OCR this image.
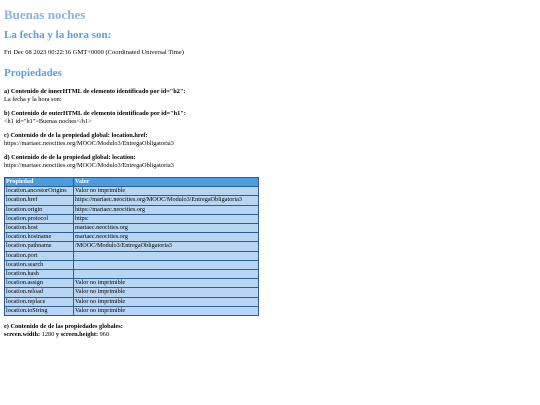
Buenas noches
La fecha y la hora son:
Fri Dec 08 2023 00:22:16 GMT+0000 (Coordinated Universal Time)
Propiedades
a) Contenido de innerHTML de elemento identificado por id="h2":
La fecha y la hora son:
b) Contenido de outerHTML de elemento identificado por id="h1":
<h1 id="h1">Buenas noches</h1>
c) Contenido de de la propiedad global: location.href:
https://mariaec.neocities.org/MOOC/Modulo3/EntregaObligatoria3
d) Contenido de de la propiedad global: location:
https://mariaec.neocities.org/MOOC/Modulo3/EntregaObligatoria3
Propiedad	Valor
location.ancestorOrigins	Valor no imprimible
location.href	https://mariaec.neocities.org/MOOC/Modulo3/EntregaObligatoria3
location.origin	https://mariaec.neocities.org
location.protocol	https:
location.host	mariaec.neocities.org
location.hostname	mariaec.neocities.org
location.pathname	/MOOC/Modulo3/EntregaObligatoria3
location.port	
location.search	
location.hash	
location.assign	Valor no imprimible
location.reload	Valor no imprimible
location.replace	Valor no imprimible
location.toString	Valor no imprimible
e) Contenido de de las propiedades globales:
screen.width: 1280 y screen.height: 960
